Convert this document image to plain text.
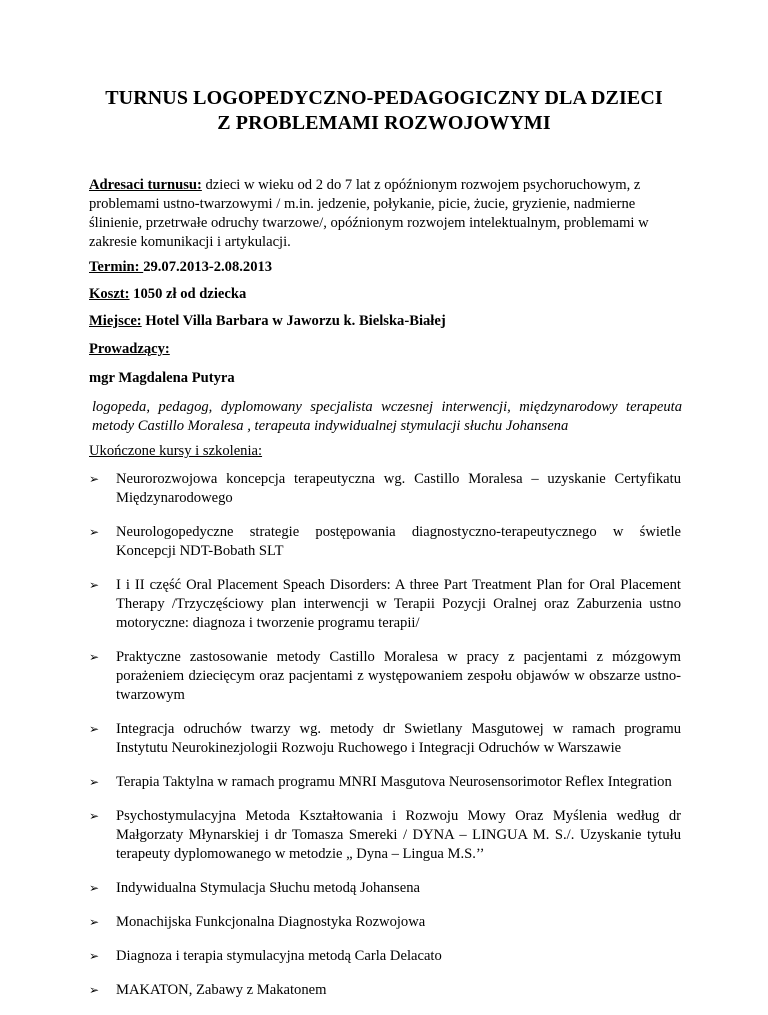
TURNUS LOGOPEDYCZNO-PEDAGOGICZNY DLA DZIECI
Z PROBLEMAMI ROZWOJOWYMI
Adresaci turnusu: dzieci w wieku od 2 do 7 lat z opóźnionym rozwojem psychoruchowym, z problemami ustno-twarzowymi / m.in. jedzenie, połykanie, picie, żucie, gryzienie, nadmierne ślinienie, przetrwałe odruchy twarzowe/, opóźnionym rozwojem intelektualnym, problemami w zakresie komunikacji i artykulacji.
Termin: 29.07.2013-2.08.2013
Koszt: 1050 zł od dziecka
Miejsce: Hotel Villa Barbara w Jaworzu k. Bielska-Białej
Prowadzący:
mgr Magdalena Putyra
logopeda, pedagog, dyplomowany specjalista wczesnej interwencji, międzynarodowy terapeuta metody Castillo Moralesa , terapeuta indywidualnej stymulacji słuchu Johansena
Ukończone kursy i szkolenia:
➢ Neurorozwojowa koncepcja terapeutyczna wg. Castillo Moralesa – uzyskanie Certyfikatu Międzynarodowego
➢ Neurologopedyczne strategie postępowania diagnostyczno-terapeutycznego w świetle Koncepcji NDT-Bobath SLT
➢ I i II część Oral Placement Speach Disorders: A three Part Treatment Plan for Oral Placement Therapy /Trzyczęściowy plan interwencji w Terapii Pozycji Oralnej oraz Zaburzenia ustno motoryczne: diagnoza i tworzenie programu terapii/
➢ Praktyczne zastosowanie metody Castillo Moralesa w pracy z pacjentami z mózgowym porażeniem dziecięcym oraz pacjentami z występowaniem zespołu objawów w obszarze ustno-twarzowym
➢ Integracja odruchów twarzy wg. metody dr Swietlany Masgutowej w ramach programu Instytutu Neurokinezjologii Rozwoju Ruchowego i Integracji Odruchów w Warszawie
➢ Terapia Taktylna w ramach programu MNRI Masgutova Neurosensorimotor Reflex Integration
➢ Psychostymulacyjna Metoda Kształtowania i Rozwoju Mowy Oraz Myślenia według dr Małgorzaty Młynarskiej i dr Tomasza Smereki / DYNA – LINGUA M. S./. Uzyskanie tytułu terapeuty dyplomowanego w metodzie „ Dyna – Lingua M.S.’’
➢ Indywidualna Stymulacja Słuchu metodą Johansena
➢ Monachijska Funkcjonalna Diagnostyka Rozwojowa
➢ Diagnoza i terapia stymulacyjna metodą Carla Delacato
➢ MAKATON, Zabawy z Makatonem
